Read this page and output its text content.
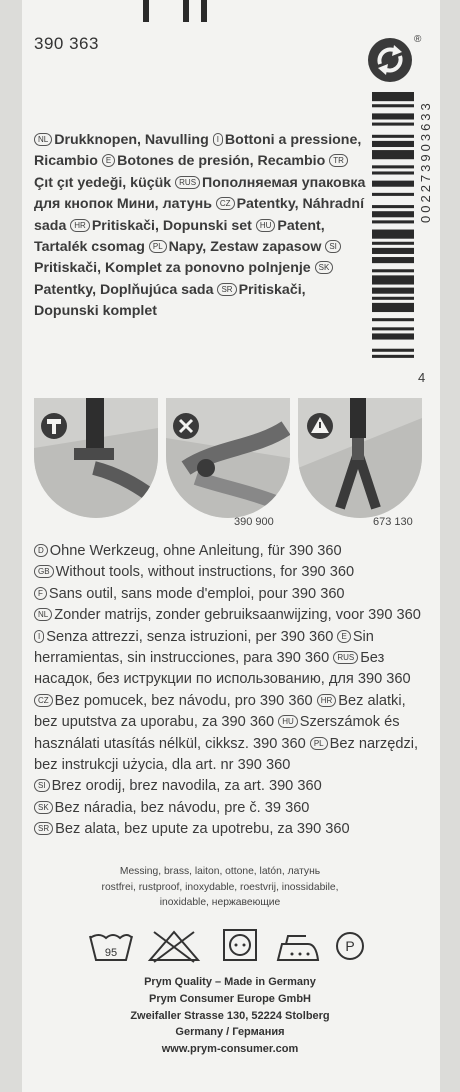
390 363	®
NL Drukknopen, Navulling I Bottoni a pressione, Ricambio E Botones de presión, Recambio TRÇıt çıt yedeği, küçük RUS Пополняемая упаковка для кнопок Мини, латунь CZ Patentky, Náhradní sada HR Pritiskači, Dopunski set HU Patent, Tartalék csomag PL Napy, Zestaw zapasow SIPritiskači, Komplet za ponovno polnjenje SKPatentky, Doplňujúca sada SR Pritiskači, Dopunski komplet
002273903633
4
390 900	673 130
D Ohne Werkzeug, ohne Anleitung, für 390 360
GB Without tools, without instructions, for 390 360
F Sans outil, sans mode d'emploi, pour 390 360
NL Zonder matrijs, zonder gebruiksaanwijzing, voor 390 360 I Senza attrezzi, senza istruzioni, per 390 360 E Sin herramientas, sin instrucciones, para 390 360 RUS Без насадок, без иструкции по использованию, для 390 360 CZ Bez pomucek, bez návodu, pro 390 360 HR Bez alatki, bez uputstva za uporabu, za 390 360 HU Szerszámok és használati utasítás nélkül, cikksz. 390 360 PL Bez narzędzi, bez instrukcji użycia, dla art. nr 390 360
SI Brez orodij, brez navodila, za art. 390 360
SK Bez náradia, bez návodu, pre č. 39 360
SR Bez alata, bez upute za upotrebu, za 390 360

Messing, brass, laiton, ottone, latón, латунь
rostfrei, rustproof, inoxydable, roestvrij, inossidabile,
inoxidable, нержавеющие
95	P
Prym Quality – Made in Germany
Prym Consumer Europe GmbH
Zweifaller Strasse 130, 52224 Stolberg
Germany / Германия
www.prym-consumer.com
